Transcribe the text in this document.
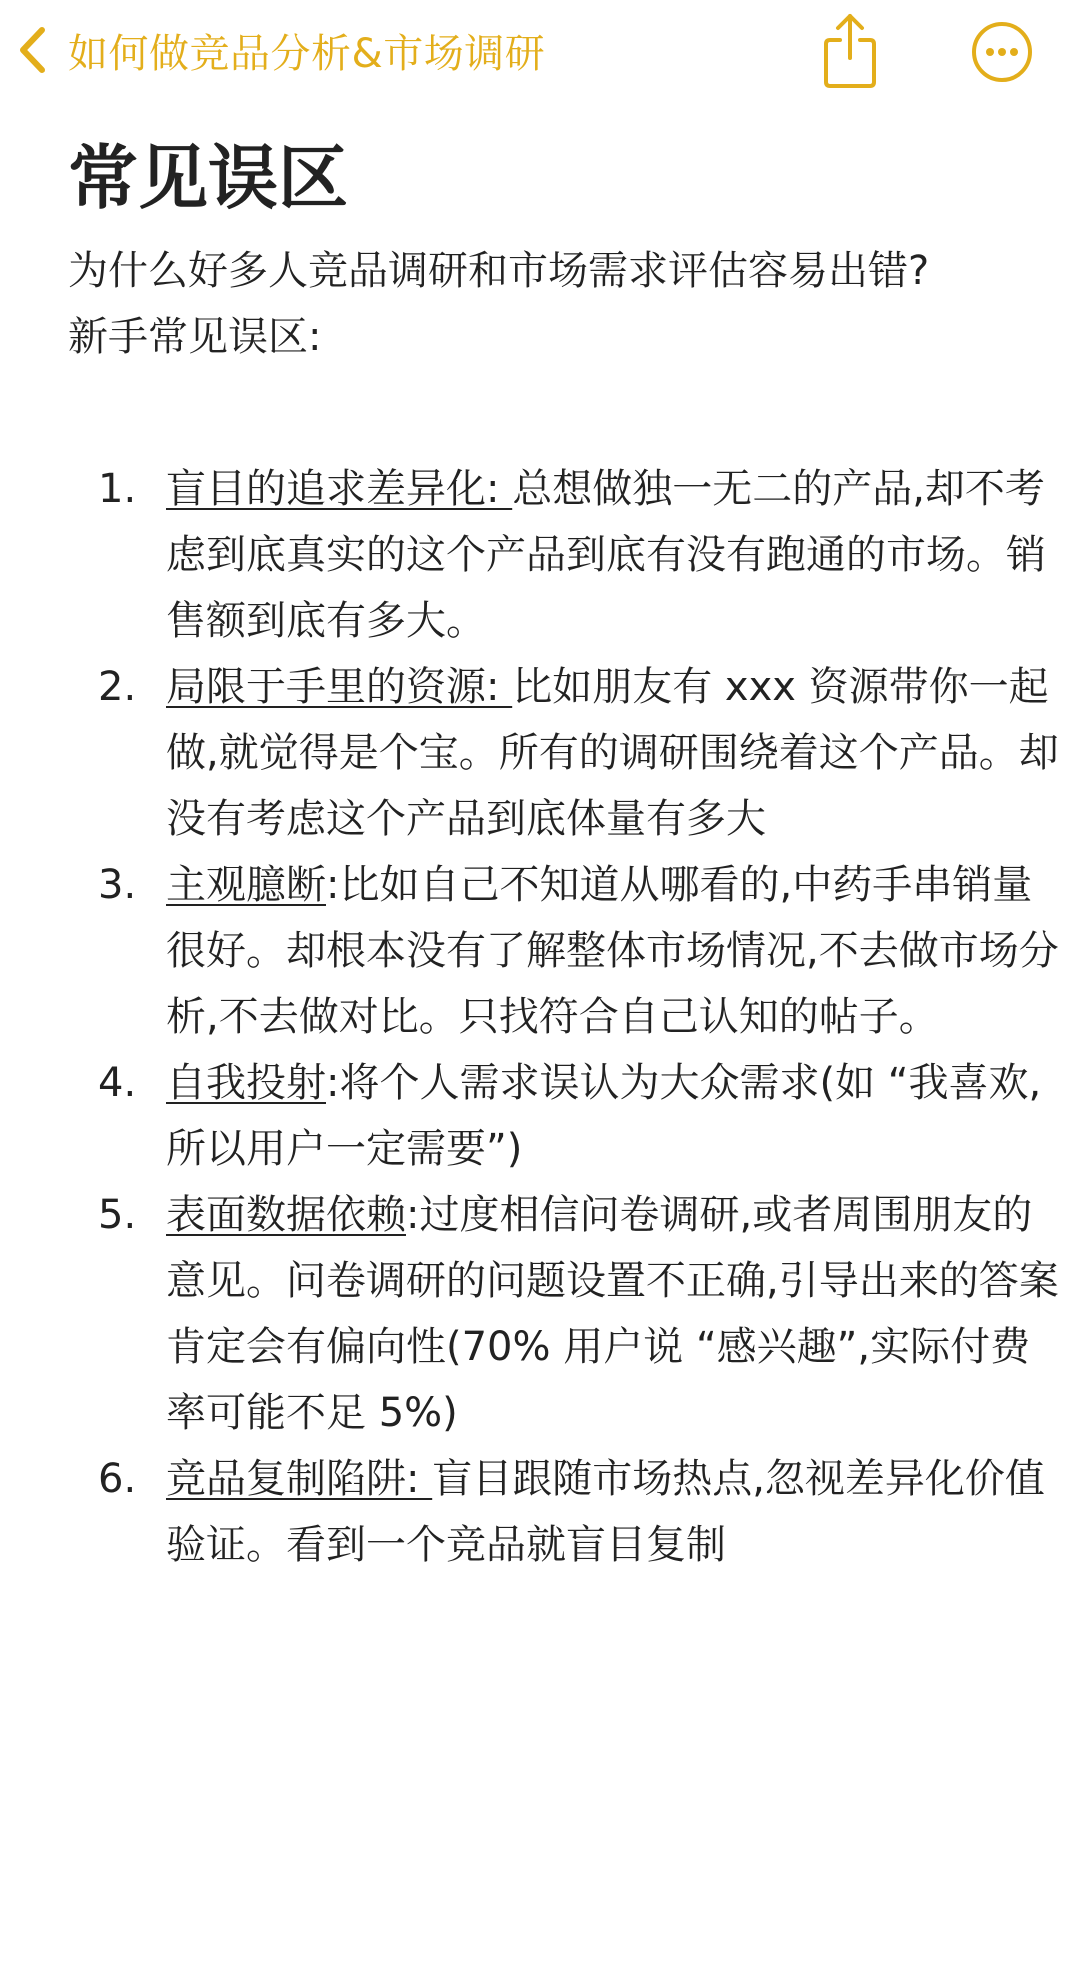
如何做竞品分析&市场调研
常见误区

为什么好多人竞品调研和市场需求评估容易出错?

新手常见误区:

1. 盲目的追求差异化: 总想做独一无二的产品,却不考虑到底真实的这个产品到底有没有跑通的市场。销售额到底有多大。
2. 局限于手里的资源: 比如朋友有 xxx 资源带你一起做,就觉得是个宝。所有的调研围绕着这个产品。却没有考虑这个产品到底体量有多大
3. 主观臆断:比如自己不知道从哪看的,中药手串销量很好。却根本没有了解整体市场情况,不去做市场分析,不去做对比。只找符合自己认知的帖子。
4. 自我投射:将个人需求误认为大众需求(如 “我喜欢,所以用户一定需要”)
5. 表面数据依赖:过度相信问卷调研,或者周围朋友的意见。问卷调研的问题设置不正确,引导出来的答案肯定会有偏向性(70% 用户说 “感兴趣”,实际付费率可能不足 5%)
6. 竞品复制陷阱: 盲目跟随市场热点,忽视差异化价值验证。看到一个竞品就盲目复制
